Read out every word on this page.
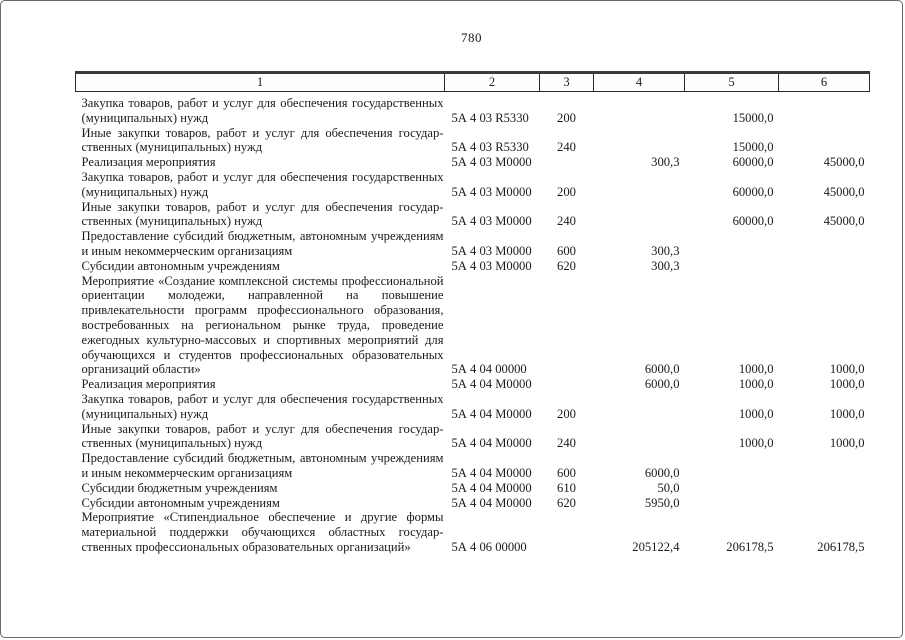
780
1	2	3	4	5	6
Закупка товаров, работ и услуг для обеспечения государственных (муниципальных) нужд	5А 4 03 R5330	200		15000,0	
Иные закупки товаров, работ и услуг для обеспечения государственных (муниципальных) нужд	5А 4 03 R5330	240		15000,0	
Реализация мероприятия	5А 4 03 М0000		300,3	60000,0	45000,0
Закупка товаров, работ и услуг для обеспечения государственных (муниципальных) нужд	5А 4 03 М0000	200		60000,0	45000,0
Иные закупки товаров, работ и услуг для обеспечения государственных (муниципальных) нужд	5А 4 03 М0000	240		60000,0	45000,0
Предоставление субсидий бюджетным, автономным учреждениям и иным некоммерческим организациям	5А 4 03 М0000	600	300,3		
Субсидии автономным учреждениям	5А 4 03 М0000	620	300,3		
Мероприятие «Создание комплексной системы профессиональной ориентации молодежи, направленной на повышение привлекательности программ профессионального образования, востребованных на региональном рынке труда, проведение ежегодных культурно-массовых и спортивных мероприятий для обучающихся и студентов профессиональных образовательных организаций области»	5А 4 04 00000		6000,0	1000,0	1000,0
Реализация мероприятия	5А 4 04 М0000		6000,0	1000,0	1000,0
Закупка товаров, работ и услуг для обеспечения государственных (муниципальных) нужд	5А 4 04 М0000	200		1000,0	1000,0
Иные закупки товаров, работ и услуг для обеспечения государственных (муниципальных) нужд	5А 4 04 М0000	240		1000,0	1000,0
Предоставление субсидий бюджетным, автономным учреждениям и иным некоммерческим организациям	5А 4 04 М0000	600	6000,0		
Субсидии бюджетным учреждениям	5А 4 04 М0000	610	50,0		
Субсидии автономным учреждениям	5А 4 04 М0000	620	5950,0		
Мероприятие «Стипендиальное обеспечение и другие формы материальной поддержки обучающихся областных государственных профессиональных образовательных организаций»	5А 4 06 00000		205122,4	206178,5	206178,5
